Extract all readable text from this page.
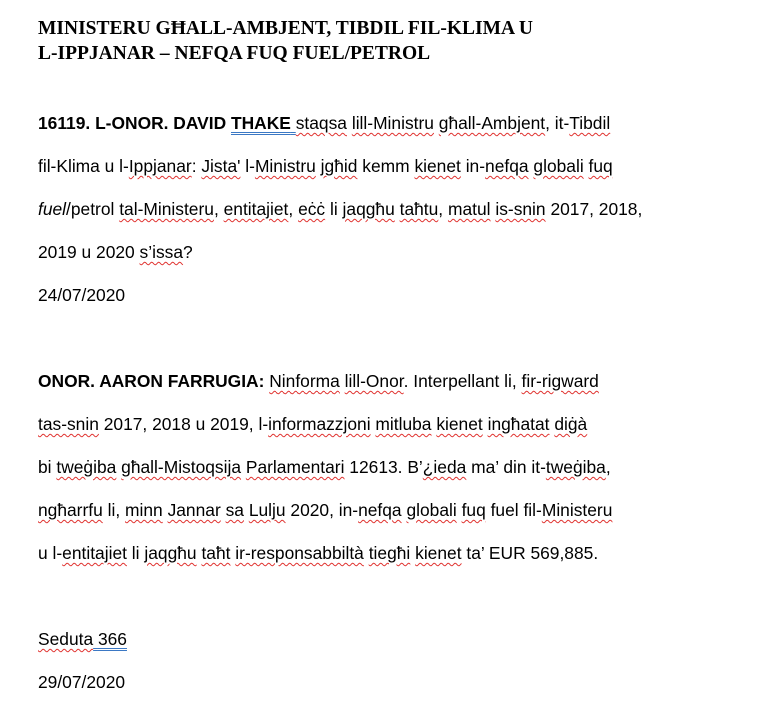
MINISTERU GĦALL-AMBJENT, TIBDIL FIL-KLIMA U
L-IPPJANAR – NEFQA FUQ FUEL/PETROL
16119. L-ONOR. DAVID THAKE staqsa lill-Ministru għall-Ambjent, it-Tibdil
fil-Klima u l-Ippjanar: Jista' l-Ministru jgħid kemm kienet in-nefqa globali fuq
fuel/petrol tal-Ministeru, entitajiet, eċċ li jaqgħu taħtu, matul is-snin 2017, 2018,
2019 u 2020 s’issa?
24/07/2020
ONOR. AARON FARRUGIA: Ninforma lill-Onor. Interpellant li, fir-rigward
tas-snin 2017, 2018 u 2019, l-informazzjoni mitluba kienet ingħatat diġà
bi tweġiba għall-Mistoqsija Parlamentari 12613. B’¿ieda ma’ din it-tweġiba,
ngħarrfu li, minn Jannar sa Lulju 2020, in-nefqa globali fuq fuel fil-Ministeru
u l-entitajiet li jaqgħu taħt ir-responsabbiltà tiegħi kienet ta’ EUR 569,885.
Seduta 366
29/07/2020
